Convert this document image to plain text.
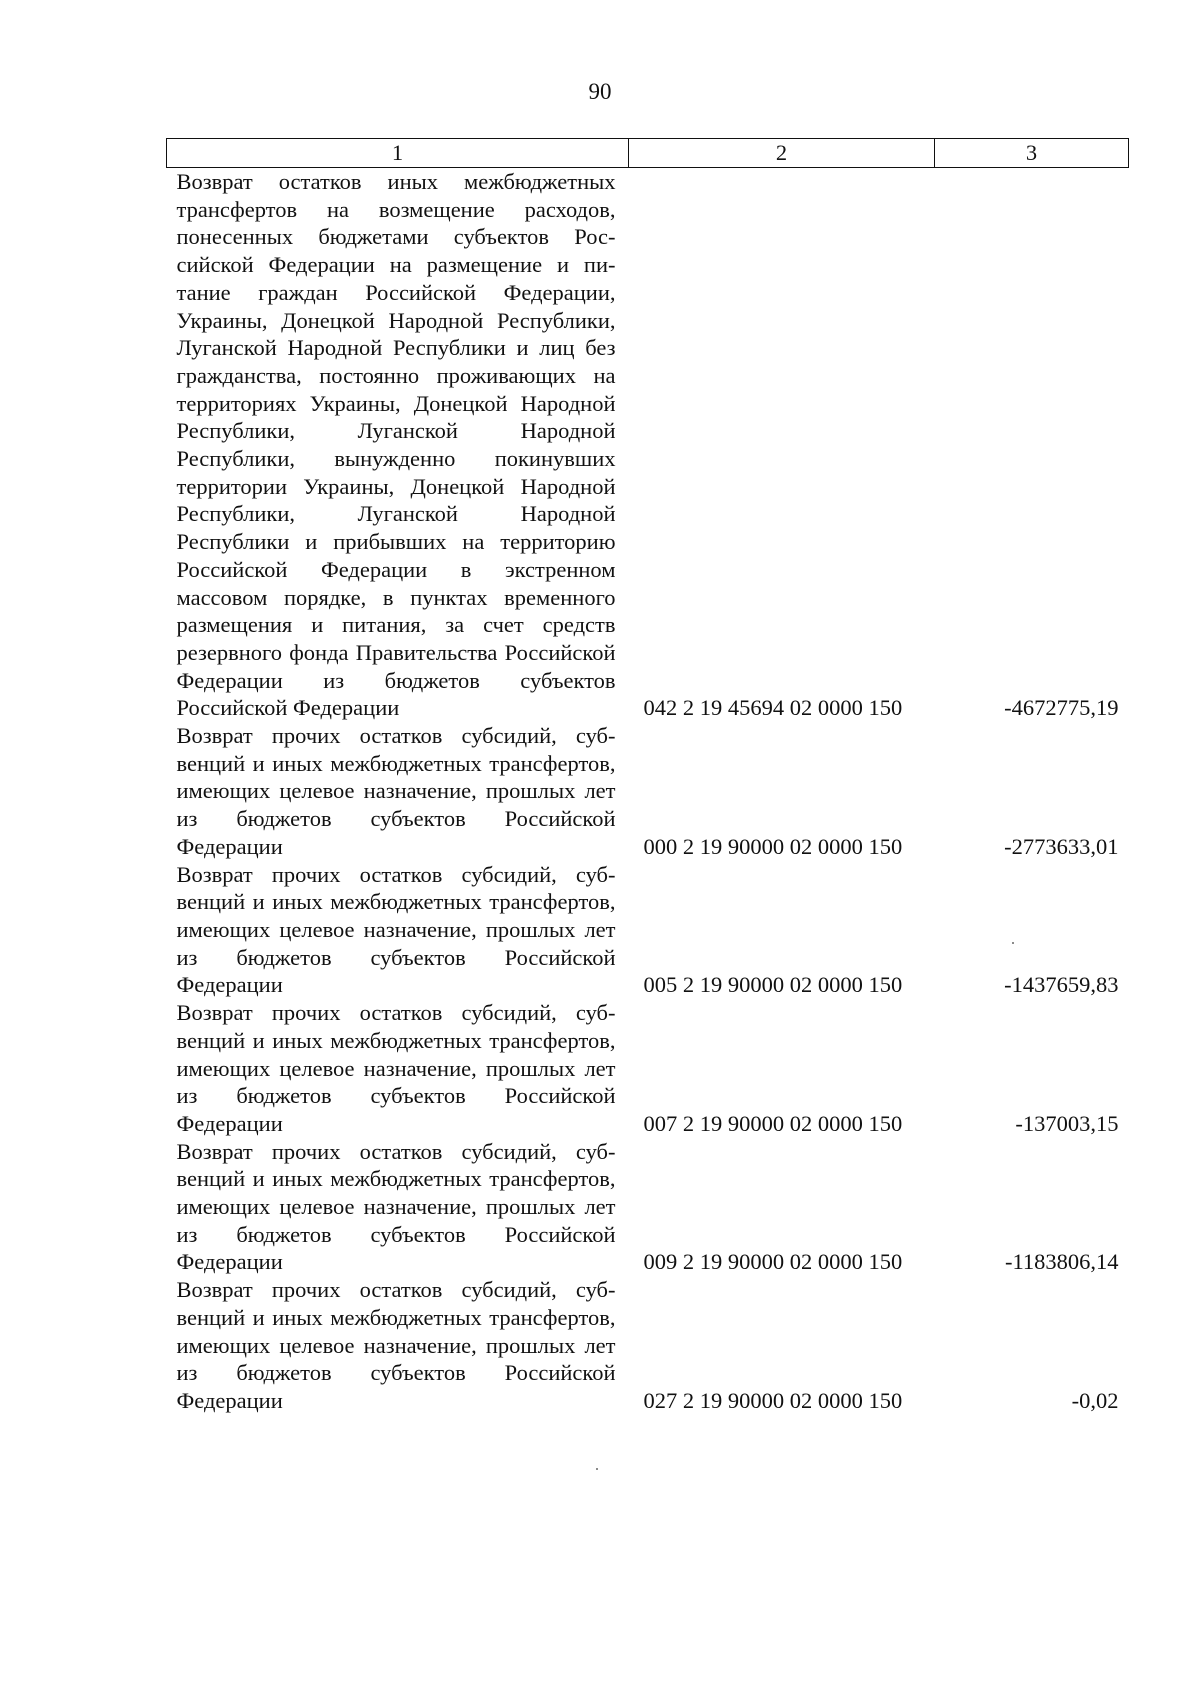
90
1	2	3
Возврат остатков иных межбюджетных трансфертов на возмещение расходов, понесенных бюджетами субъектов Российской Федерации на размещение и питание граждан Российской Федерации, Украины, Донецкой Народной Республики, Луганской Народной Республики и лиц без гражданства, постоянно проживающих на территориях Украины, Донецкой Народной Республики, Луганской Народной Республики, вынужденно покинувших территории Украины, Донецкой Народной Республики, Луганской Народной Республики и прибывших на территорию Российской Федерации в экстренном массовом порядке, в пунктах временного размещения и питания, за счет средств резервного фонда Правительства Российской Федерации из бюджетов субъектов Российской Федерации	042 2 19 45694 02 0000 150	-4672775,19
Возврат прочих остатков субсидий, субвенций и иных межбюджетных трансфертов, имеющих целевое назначение, прошлых лет из бюджетов субъектов Российской Федерации	000 2 19 90000 02 0000 150	-2773633,01
Возврат прочих остатков субсидий, субвенций и иных межбюджетных трансфертов, имеющих целевое назначение, прошлых лет из бюджетов субъектов Российской Федерации	005 2 19 90000 02 0000 150	-1437659,83
Возврат прочих остатков субсидий, субвенций и иных межбюджетных трансфертов, имеющих целевое назначение, прошлых лет из бюджетов субъектов Российской Федерации	007 2 19 90000 02 0000 150	-137003,15
Возврат прочих остатков субсидий, субвенций и иных межбюджетных трансфертов, имеющих целевое назначение, прошлых лет из бюджетов субъектов Российской Федерации	009 2 19 90000 02 0000 150	-1183806,14
Возврат прочих остатков субсидий, субвенций и иных межбюджетных трансфертов, имеющих целевое назначение, прошлых лет из бюджетов субъектов Российской Федерации	027 2 19 90000 02 0000 150	-0,02
